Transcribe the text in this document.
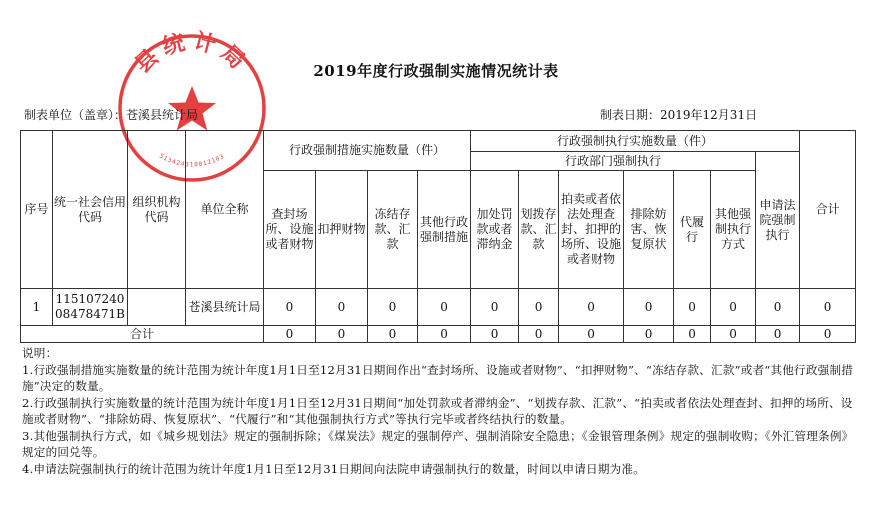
县统计局
513424310012103
2019年度行政强制实施情况统计表
制表单位（盖章）：苍溪县统计局	制表日期：2019年12月31日
序号	统一社会信用代码	组织机构代码	单位全称	行政强制措施实施数量（件）				行政强制执行实施数量（件）							合计
								行政部门强制执行						申请法院强制执行	
				查封场所、设施或者财物	扣押财物	冻结存款、汇款	其他行政强制措施	加处罚款或者滞纳金	划拨存款、汇款	拍卖或者依法处理查封、扣押的场所、设施或者财物	排除妨害、恢复原状	代履行	其他强制执行方式		
1	11510724008478471B		苍溪县统计局	0	0	0	0	0	0	0	0	0	0	0	0
合计				0	0	0	0	0	0	0	0	0	0	0	0

说明：

1.行政强制措施实施数量的统计范围为统计年度1月1日至12月31日期间作出“查封场所、设施或者财物”、“扣押财物”、“冻结存款、汇款”或者“其他行政强制措施”决定的数量。

2.行政强制执行实施数量的统计范围为统计年度1月1日至12月31日期间“加处罚款或者滞纳金”、“划拨存款、汇款”、“拍卖或者依法处理查封、扣押的场所、设施或者财物”、“排除妨碍、恢复原状”、“代履行”和“其他强制执行方式”等执行完毕或者终结执行的数量。

3.其他强制执行方式，如《城乡规划法》规定的强制拆除；《煤炭法》规定的强制停产、强制消除安全隐患；《金银管理条例》规定的强制收购；《外汇管理条例》规定的回兑等。

4.申请法院强制执行的统计范围为统计年度1月1日至12月31日期间向法院申请强制执行的数量，时间以申请日期为准。
